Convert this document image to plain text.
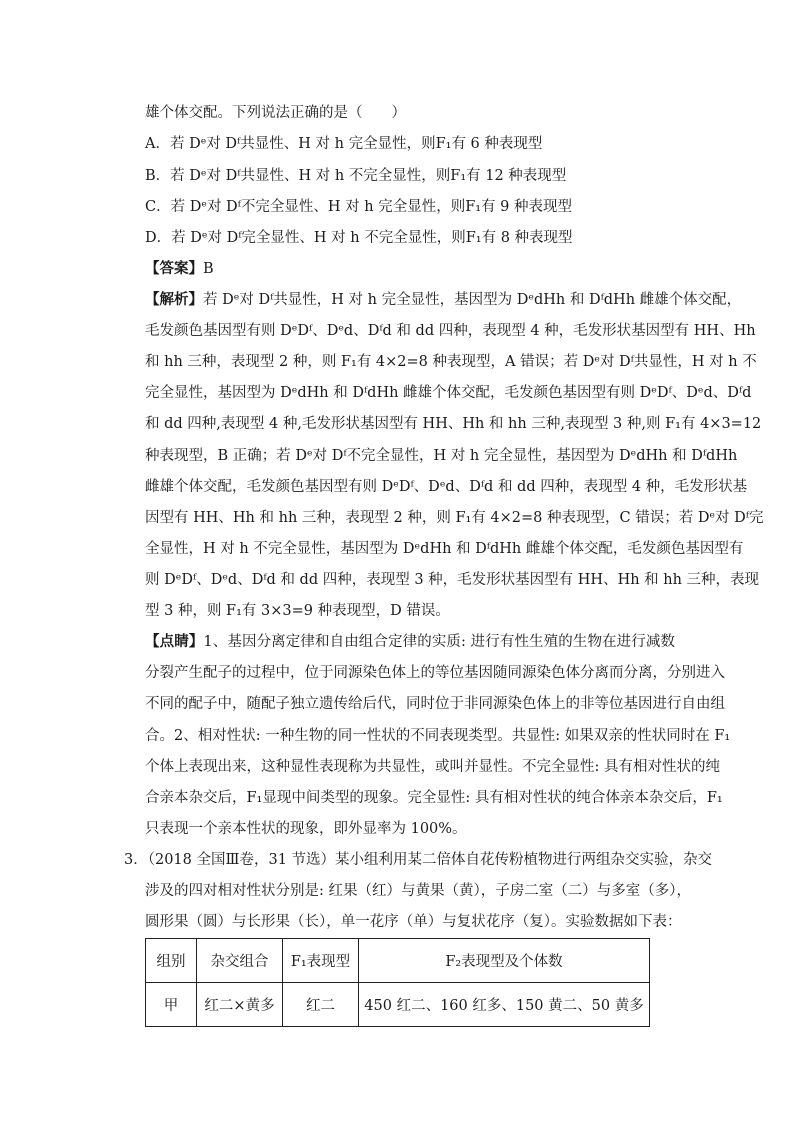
雄个体交配。下列说法正确的是（　　）
A．若 Dᵉ对 Dᶠ共显性、H 对 h 完全显性，则F₁有 6 种表现型
B．若 Dᵉ对 Dᶠ共显性、H 对 h 不完全显性，则F₁有 12 种表现型
C．若 Dᵉ对 Dᶠ不完全显性、H 对 h 完全显性，则F₁有 9 种表现型
D．若 Dᵉ对 Dᶠ完全显性、H 对 h 不完全显性，则F₁有 8 种表现型
【答案】B
【解析】若 Dᵉ对 Dᶠ共显性，H 对 h 完全显性，基因型为 DᵉdHh 和 DᶠdHh 雌雄个体交配，
毛发颜色基因型有则 DᵉDᶠ、Dᵉd、Dᶠd 和 dd 四种，表现型 4 种，毛发形状基因型有 HH、Hh
和 hh 三种，表现型 2 种，则 F₁有 4×2=8 种表现型，A 错误；若 Dᵉ对 Dᶠ共显性，H 对 h 不
完全显性，基因型为 DᵉdHh 和 DᶠdHh 雌雄个体交配，毛发颜色基因型有则 DᵉDᶠ、Dᵉd、Dᶠd
和 dd 四种,表现型 4 种,毛发形状基因型有 HH、Hh 和 hh 三种,表现型 3 种,则 F₁有 4×3=12
种表现型，B 正确；若 Dᵉ对 Dᶠ不完全显性，H 对 h 完全显性，基因型为 DᵉdHh 和 DᶠdHh
雌雄个体交配，毛发颜色基因型有则 DᵉDᶠ、Dᵉd、Dᶠd 和 dd 四种，表现型 4 种，毛发形状基
因型有 HH、Hh 和 hh 三种，表现型 2 种，则 F₁有 4×2=8 种表现型，C 错误；若 Dᵉ对 Dᶠ完
全显性，H 对 h 不完全显性，基因型为 DᵉdHh 和 DᶠdHh 雌雄个体交配，毛发颜色基因型有
则 DᵉDᶠ、Dᵉd、Dᶠd 和 dd 四种，表现型 3 种，毛发形状基因型有 HH、Hh 和 hh 三种，表现
型 3 种，则 F₁有 3×3=9 种表现型，D 错误。
【点睛】1、基因分离定律和自由组合定律的实质: 进行有性生殖的生物在进行减数
分裂产生配子的过程中，位于同源染色体上的等位基因随同源染色体分离而分离，分别进入
不同的配子中，随配子独立遗传给后代，同时位于非同源染色体上的非等位基因进行自由组
合。2、相对性状: 一种生物的同一性状的不同表现类型。共显性: 如果双亲的性状同时在 F₁
个体上表现出来，这种显性表现称为共显性，或叫并显性。不完全显性: 具有相对性状的纯
合亲本杂交后，F₁显现中间类型的现象。完全显性: 具有相对性状的纯合体亲本杂交后，F₁
只表现一个亲本性状的现象，即外显率为 100%。
3．（2018 全国Ⅲ卷，31 节选）某小组利用某二倍体自花传粉植物进行两组杂交实验，杂交
涉及的四对相对性状分别是: 红果（红）与黄果（黄），子房二室（二）与多室（多），
圆形果（圆）与长形果（长），单一花序（单）与复状花序（复）。实验数据如下表：
组别	杂交组合	F₁表现型	F₂表现型及个体数
甲	红二×黄多	红二	450 红二、160 红多、150 黄二、50 黄多
